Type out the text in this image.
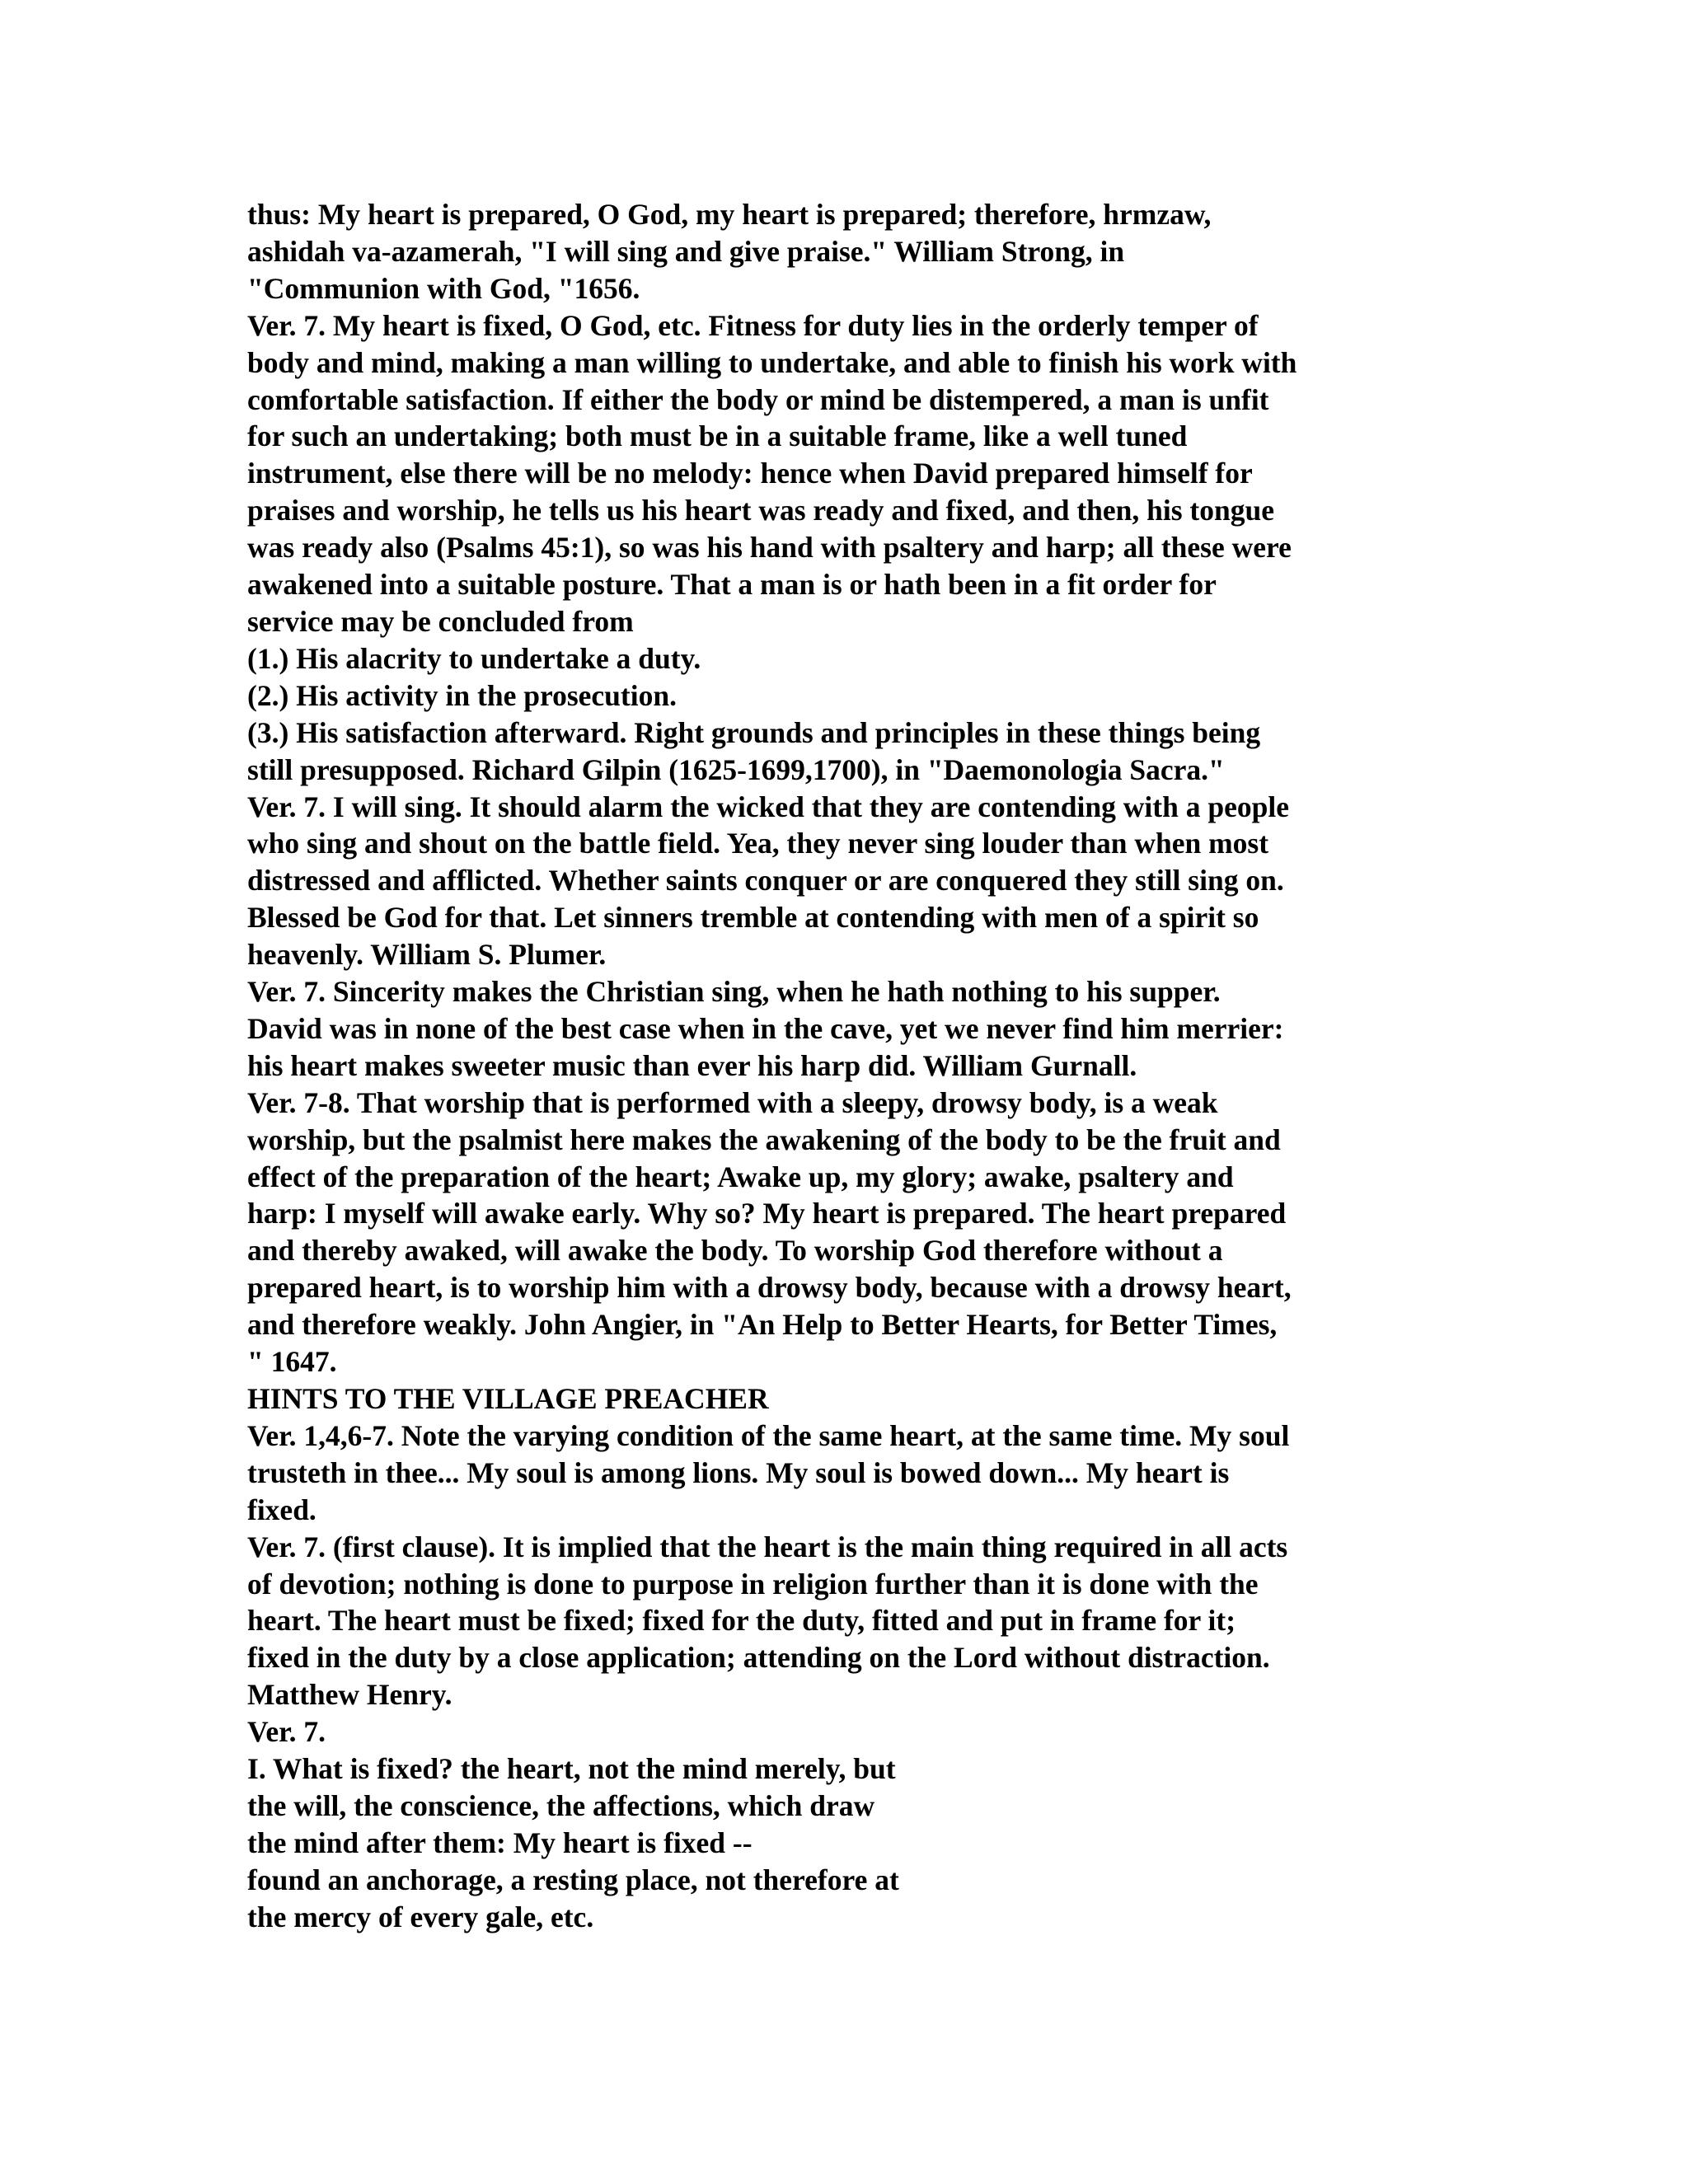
thus: My heart is prepared, O God, my heart is prepared; therefore, hrmzaw,
ashidah va-azamerah, "I will sing and give praise." William Strong, in
"Communion with God, "1656.
Ver. 7. My heart is fixed, O God, etc. Fitness for duty lies in the orderly temper of
body and mind, making a man willing to undertake, and able to finish his work with
comfortable satisfaction. If either the body or mind be distempered, a man is unfit
for such an undertaking; both must be in a suitable frame, like a well tuned
instrument, else there will be no melody: hence when David prepared himself for
praises and worship, he tells us his heart was ready and fixed, and then, his tongue
was ready also (Psalms 45:1), so was his hand with psaltery and harp; all these were
awakened into a suitable posture. That a man is or hath been in a fit order for
service may be concluded from
(1.) His alacrity to undertake a duty.
(2.) His activity in the prosecution.
(3.) His satisfaction afterward. Right grounds and principles in these things being
still presupposed. Richard Gilpin (1625-1699,1700), in "Daemonologia Sacra."
Ver. 7. I will sing. It should alarm the wicked that they are contending with a people
who sing and shout on the battle field. Yea, they never sing louder than when most
distressed and afflicted. Whether saints conquer or are conquered they still sing on.
Blessed be God for that. Let sinners tremble at contending with men of a spirit so
heavenly. William S. Plumer.
Ver. 7. Sincerity makes the Christian sing, when he hath nothing to his supper.
David was in none of the best case when in the cave, yet we never find him merrier:
his heart makes sweeter music than ever his harp did. William Gurnall.
Ver. 7-8. That worship that is performed with a sleepy, drowsy body, is a weak
worship, but the psalmist here makes the awakening of the body to be the fruit and
effect of the preparation of the heart; Awake up, my glory; awake, psaltery and
harp: I myself will awake early. Why so? My heart is prepared. The heart prepared
and thereby awaked, will awake the body. To worship God therefore without a
prepared heart, is to worship him with a drowsy body, because with a drowsy heart,
and therefore weakly. John Angier, in "An Help to Better Hearts, for Better Times,
" 1647.
HINTS TO THE VILLAGE PREACHER
Ver. 1,4,6-7. Note the varying condition of the same heart, at the same time. My soul
trusteth in thee... My soul is among lions. My soul is bowed down... My heart is
fixed.
Ver. 7. (first clause). It is implied that the heart is the main thing required in all acts
of devotion; nothing is done to purpose in religion further than it is done with the
heart. The heart must be fixed; fixed for the duty, fitted and put in frame for it;
fixed in the duty by a close application; attending on the Lord without distraction.
Matthew Henry.
Ver. 7.
I. What is fixed? the heart, not the mind merely, but
the will, the conscience, the affections, which draw
the mind after them: My heart is fixed --
found an anchorage, a resting place, not therefore at
the mercy of every gale, etc.
